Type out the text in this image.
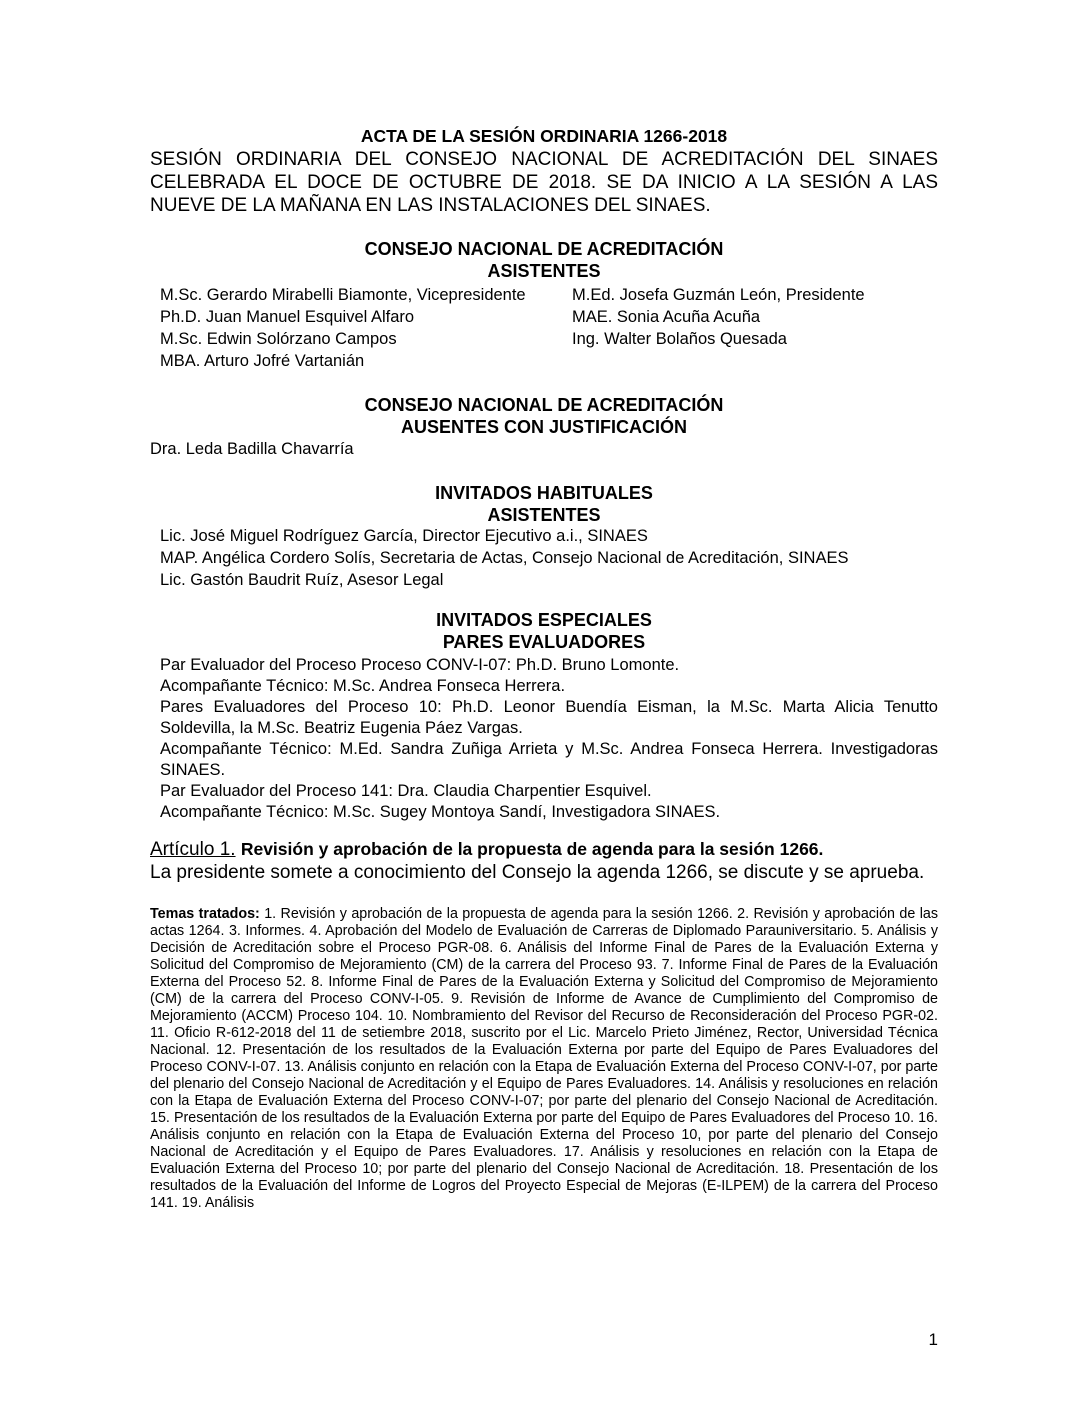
ACTA DE LA SESIÓN ORDINARIA 1266-2018
SESIÓN ORDINARIA DEL CONSEJO NACIONAL DE ACREDITACIÓN DEL SINAES CELEBRADA EL DOCE DE OCTUBRE DE 2018. SE DA INICIO A LA SESIÓN A LAS NUEVE DE LA MAÑANA EN LAS INSTALACIONES DEL SINAES.
CONSEJO NACIONAL DE ACREDITACIÓN
ASISTENTES
M.Sc. Gerardo Mirabelli Biamonte, Vicepresidente
Ph.D. Juan Manuel Esquivel Alfaro
M.Sc. Edwin Solórzano Campos
MBA. Arturo Jofré Vartanián
M.Ed. Josefa Guzmán León, Presidente
MAE. Sonia Acuña Acuña
Ing. Walter Bolaños Quesada
CONSEJO NACIONAL DE ACREDITACIÓN
AUSENTES CON JUSTIFICACIÓN
Dra. Leda Badilla Chavarría
INVITADOS HABITUALES
ASISTENTES
Lic. José Miguel Rodríguez García, Director Ejecutivo a.i., SINAES
MAP. Angélica Cordero Solís, Secretaria de Actas, Consejo Nacional de Acreditación, SINAES
Lic. Gastón Baudrit Ruíz, Asesor Legal
INVITADOS ESPECIALES
PARES EVALUADORES
Par Evaluador del Proceso Proceso CONV-I-07: Ph.D. Bruno Lomonte.
Acompañante Técnico: M.Sc. Andrea Fonseca Herrera.
Pares Evaluadores del Proceso 10: Ph.D. Leonor Buendía Eisman, la M.Sc. Marta Alicia Tenutto Soldevilla, la M.Sc. Beatriz Eugenia Páez Vargas.
Acompañante Técnico: M.Ed. Sandra Zuñiga Arrieta y M.Sc. Andrea Fonseca Herrera. Investigadoras SINAES.
Par Evaluador del Proceso 141: Dra. Claudia Charpentier Esquivel.
Acompañante Técnico: M.Sc. Sugey Montoya Sandí, Investigadora SINAES.
Artículo 1. Revisión y aprobación de la propuesta de agenda para la sesión 1266.
La presidente somete a conocimiento del Consejo la agenda 1266, se discute y se aprueba.
Temas tratados: 1. Revisión y aprobación de la propuesta de agenda para la sesión 1266. 2. Revisión y aprobación de las actas 1264. 3. Informes. 4. Aprobación del Modelo de Evaluación de Carreras de Diplomado Parauniversitario. 5. Análisis y Decisión de Acreditación sobre el Proceso PGR-08. 6. Análisis del Informe Final de Pares de la Evaluación Externa y Solicitud del Compromiso de Mejoramiento (CM) de la carrera del Proceso 93. 7. Informe Final de Pares de la Evaluación Externa del Proceso 52. 8. Informe Final de Pares de la Evaluación Externa y Solicitud del Compromiso de Mejoramiento (CM) de la carrera del Proceso CONV-I-05. 9. Revisión de Informe de Avance de Cumplimiento del Compromiso de Mejoramiento (ACCM) Proceso 104. 10. Nombramiento del Revisor del Recurso de Reconsideración del Proceso PGR-02. 11. Oficio R-612-2018 del 11 de setiembre 2018, suscrito por el Lic. Marcelo Prieto Jiménez, Rector, Universidad Técnica Nacional. 12. Presentación de los resultados de la Evaluación Externa por parte del Equipo de Pares Evaluadores del Proceso CONV-I-07. 13. Análisis conjunto en relación con la Etapa de Evaluación Externa del Proceso CONV-I-07, por parte del plenario del Consejo Nacional de Acreditación y el Equipo de Pares Evaluadores. 14. Análisis y resoluciones en relación con la Etapa de Evaluación Externa del Proceso CONV-I-07; por parte del plenario del Consejo Nacional de Acreditación. 15. Presentación de los resultados de la Evaluación Externa por parte del Equipo de Pares Evaluadores del Proceso 10. 16. Análisis conjunto en relación con la Etapa de Evaluación Externa del Proceso 10, por parte del plenario del Consejo Nacional de Acreditación y el Equipo de Pares Evaluadores. 17. Análisis y resoluciones en relación con la Etapa de Evaluación Externa del Proceso 10; por parte del plenario del Consejo Nacional de Acreditación. 18. Presentación de los resultados de la Evaluación del Informe de Logros del Proyecto Especial de Mejoras (E-ILPEM) de la carrera del Proceso 141. 19. Análisis
1
